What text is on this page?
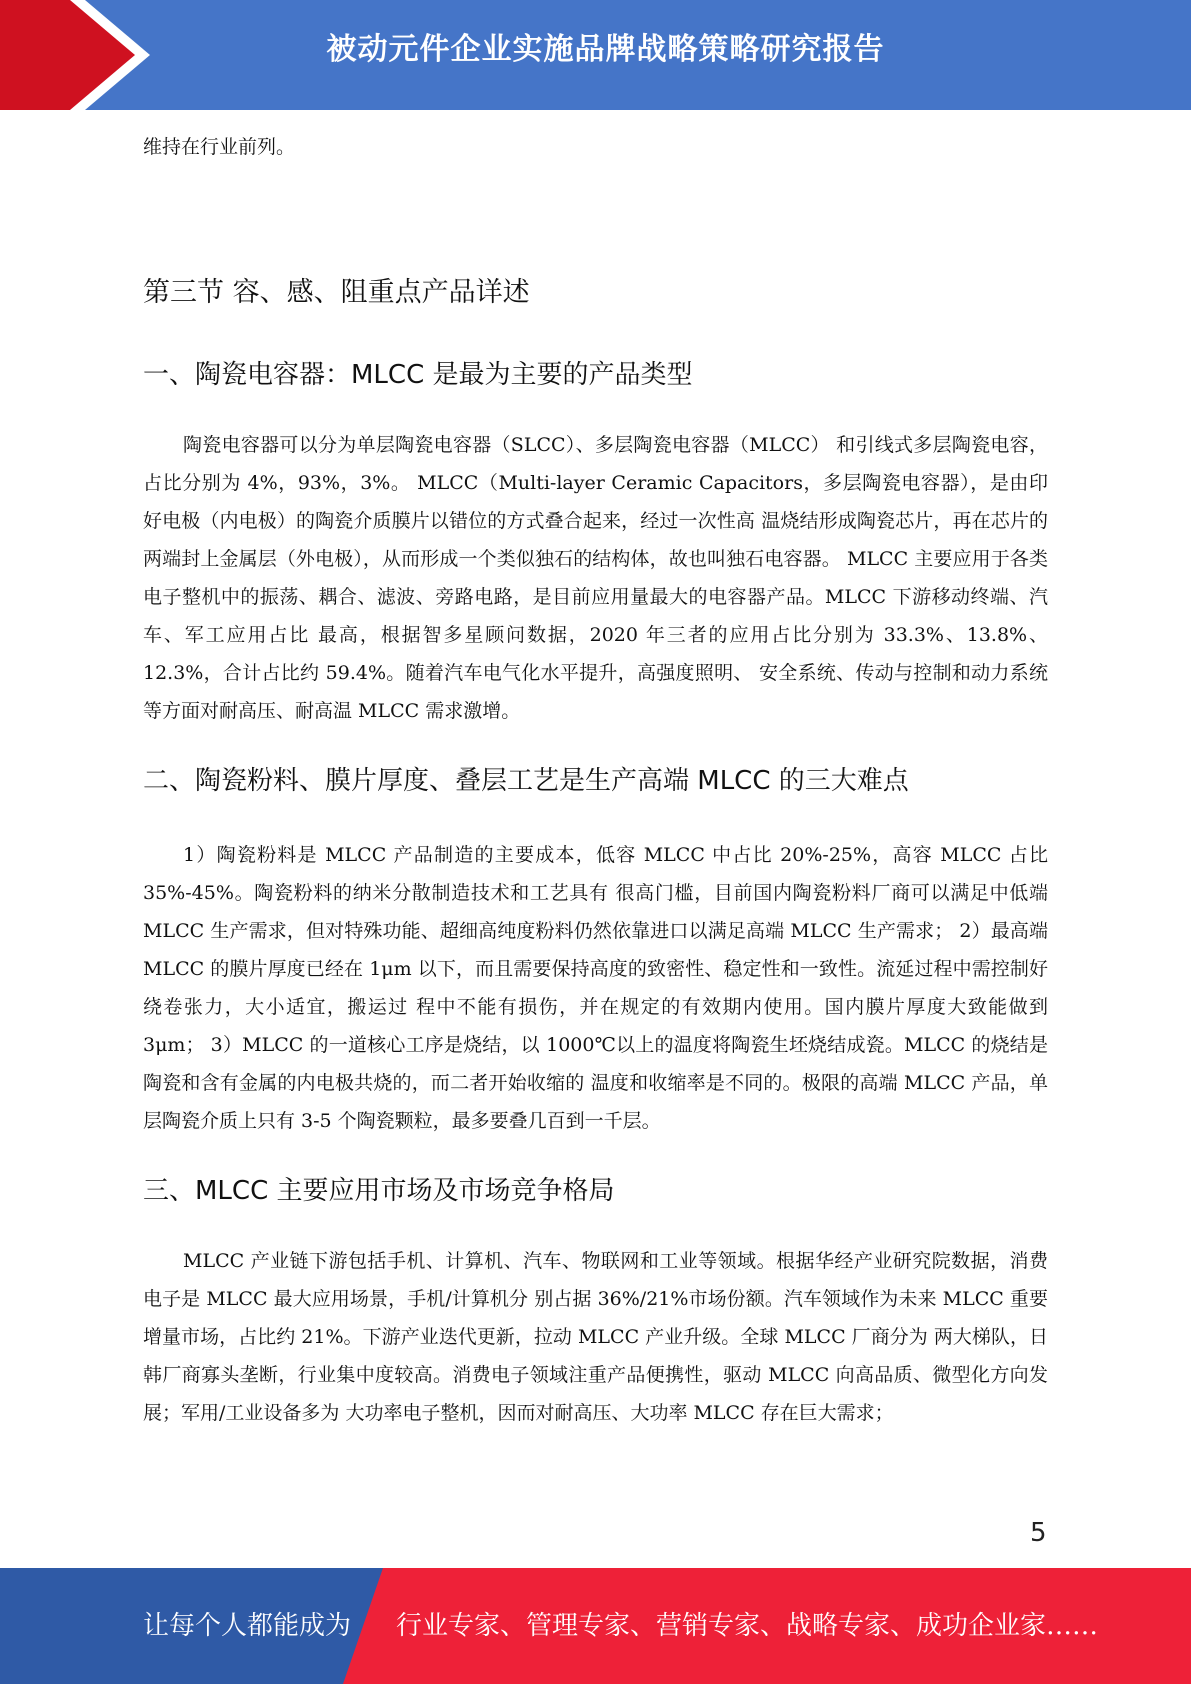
被动元件企业实施品牌战略策略研究报告

维持在行业前列。

第三节 容、感、阻重点产品详述
一、陶瓷电容器：MLCC 是最为主要的产品类型

陶瓷电容器可以分为单层陶瓷电容器（SLCC）、多层陶瓷电容器（MLCC） 和引线式多层陶瓷电容，占比分别为 4%，93%，3%。 MLCC（Multi-layer Ceramic Capacitors，多层陶瓷电容器），是由印好电极（内电极）的陶瓷介质膜片以错位的方式叠合起来，经过一次性高 温烧结形成陶瓷芯片，再在芯片的两端封上金属层（外电极），从而形成一个类似独石的结构体，故也叫独石电容器。 MLCC 主要应用于各类电子整机中的振荡、耦合、滤波、旁路电路，是目前应用量最大的电容器产品。MLCC 下游移动终端、汽车、军工应用占比 最高，根据智多星顾问数据，2020 年三者的应用占比分别为 33.3%、13.8%、12.3%，合计占比约 59.4%。随着汽车电气化水平提升，高强度照明、 安全系统、传动与控制和动力系统等方面对耐高压、耐高温 MLCC 需求激增。

二、陶瓷粉料、膜片厚度、叠层工艺是生产高端 MLCC 的三大难点

1）陶瓷粉料是 MLCC 产品制造的主要成本，低容 MLCC 中占比 20%-25%，高容 MLCC 占比 35%-45%。陶瓷粉料的纳米分散制造技术和工艺具有 很高门槛，目前国内陶瓷粉料厂商可以满足中低端 MLCC 生产需求，但对特殊功能、超细高纯度粉料仍然依靠进口以满足高端 MLCC 生产需求； 2）最高端 MLCC 的膜片厚度已经在 1μm 以下，而且需要保持高度的致密性、稳定性和一致性。流延过程中需控制好绕卷张力，大小适宜，搬运过 程中不能有损伤，并在规定的有效期内使用。国内膜片厚度大致能做到 3μm； 3）MLCC 的一道核心工序是烧结，以 1000℃以上的温度将陶瓷生坯烧结成瓷。MLCC 的烧结是陶瓷和含有金属的内电极共烧的，而二者开始收缩的 温度和收缩率是不同的。极限的高端 MLCC 产品，单层陶瓷介质上只有 3-5 个陶瓷颗粒，最多要叠几百到一千层。

三、MLCC 主要应用市场及市场竞争格局

MLCC 产业链下游包括手机、计算机、汽车、物联网和工业等领域。根据华经产业研究院数据，消费电子是 MLCC 最大应用场景，手机/计算机分 别占据 36%/21%市场份额。汽车领域作为未来 MLCC 重要增量市场，占比约 21%。下游产业迭代更新，拉动 MLCC 产业升级。全球 MLCC 厂商分为 两大梯队，日韩厂商寡头垄断，行业集中度较高。消费电子领域注重产品便携性，驱动 MLCC 向高品质、微型化方向发展；军用/工业设备多为 大功率电子整机，因而对耐高压、大功率 MLCC 存在巨大需求；

5
让每个人都能成为 行业专家、管理专家、营销专家、战略专家、成功企业家……
